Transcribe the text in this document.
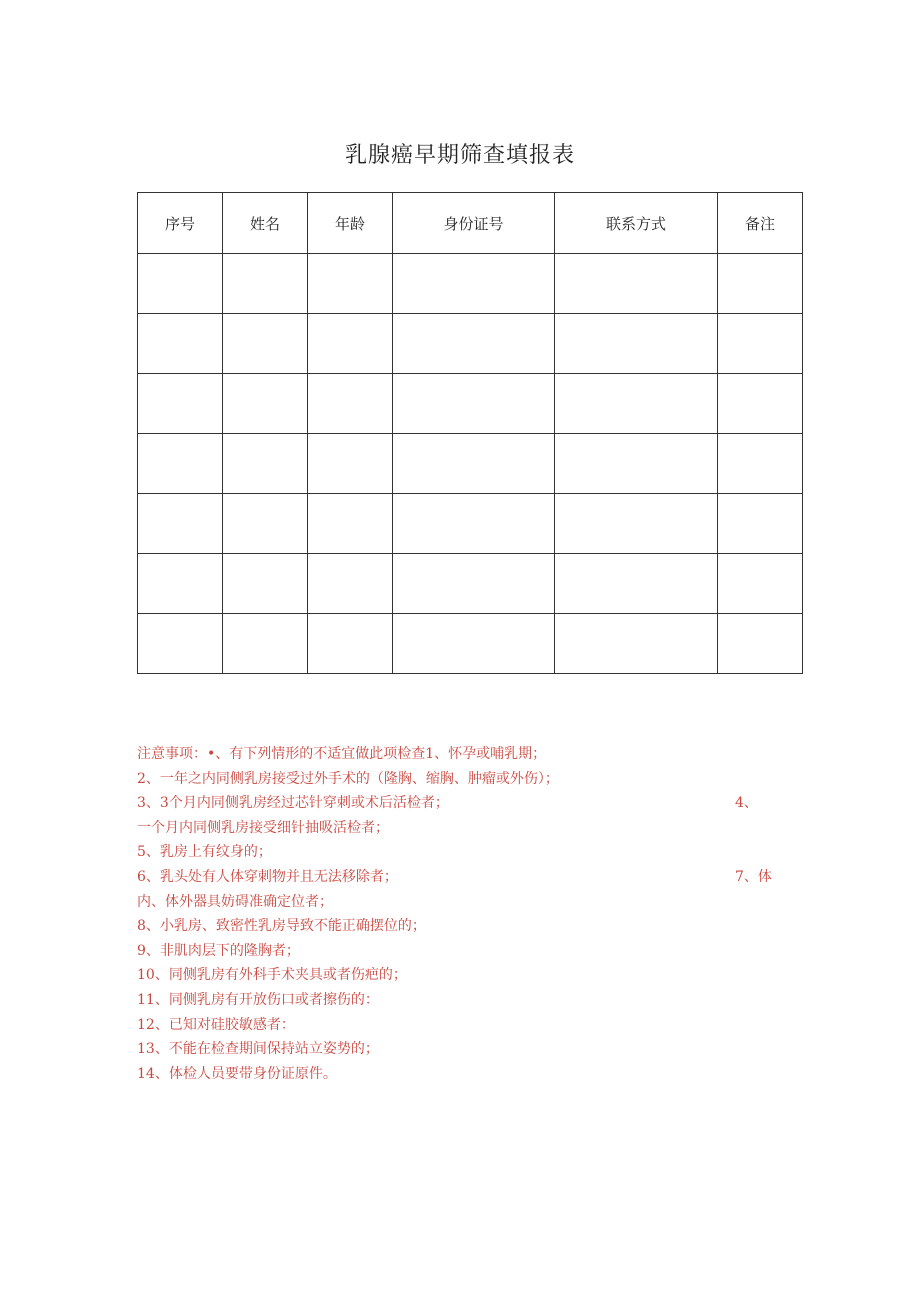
乳腺癌早期筛查填报表
序号	姓名	年龄	身份证号	联系方式	备注

注意事项：•、有下列情形的不适宜做此项检查1、怀孕或哺乳期；
2、一年之内同侧乳房接受过外手术的（隆胸、缩胸、肿瘤或外伤）；
3、3个月内同侧乳房经过芯针穿刺或术后活检者；	4、
一个月内同侧乳房接受细针抽吸活检者；
5、乳房上有纹身的；
6、乳头处有人体穿刺物并且无法移除者；	7、体
内、体外器具妨碍准确定位者；
8、小乳房、致密性乳房导致不能正确摆位的；
9、非肌肉层下的隆胸者；
10、同侧乳房有外科手术夹具或者伤疤的；
11、同侧乳房有开放伤口或者擦伤的：
12、已知对硅胶敏感者：
13、不能在检查期间保持站立姿势的；
14、体检人员要带身份证原件。
